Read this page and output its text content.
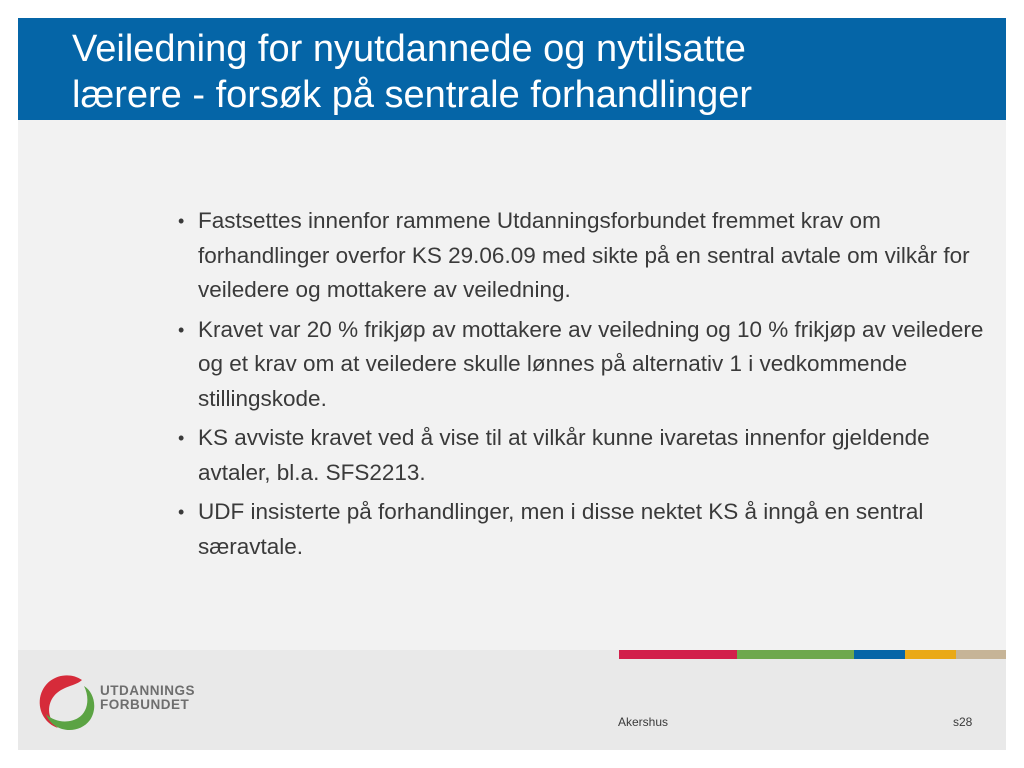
Veiledning for nyutdannede og nytilsatte
lærere - forsøk på sentrale forhandlinger
• Fastsettes innenfor rammene Utdanningsforbundet fremmet krav om forhandlinger overfor KS 29.06.09 med sikte på en sentral avtale om vilkår for veiledere og mottakere av veiledning.
• Kravet var 20 % frikjøp av mottakere av veiledning og 10 % frikjøp av veiledere og et krav om at veiledere skulle lønnes på alternativ 1 i vedkommende stillingskode.
• KS avviste kravet ved å vise til at vilkår kunne ivaretas innenfor gjeldende avtaler, bl.a. SFS2213.
• UDF insisterte på forhandlinger, men i disse nektet KS å inngå en sentral særavtale.
UTDANNINGS
FORBUNDET
Akershus	s28
